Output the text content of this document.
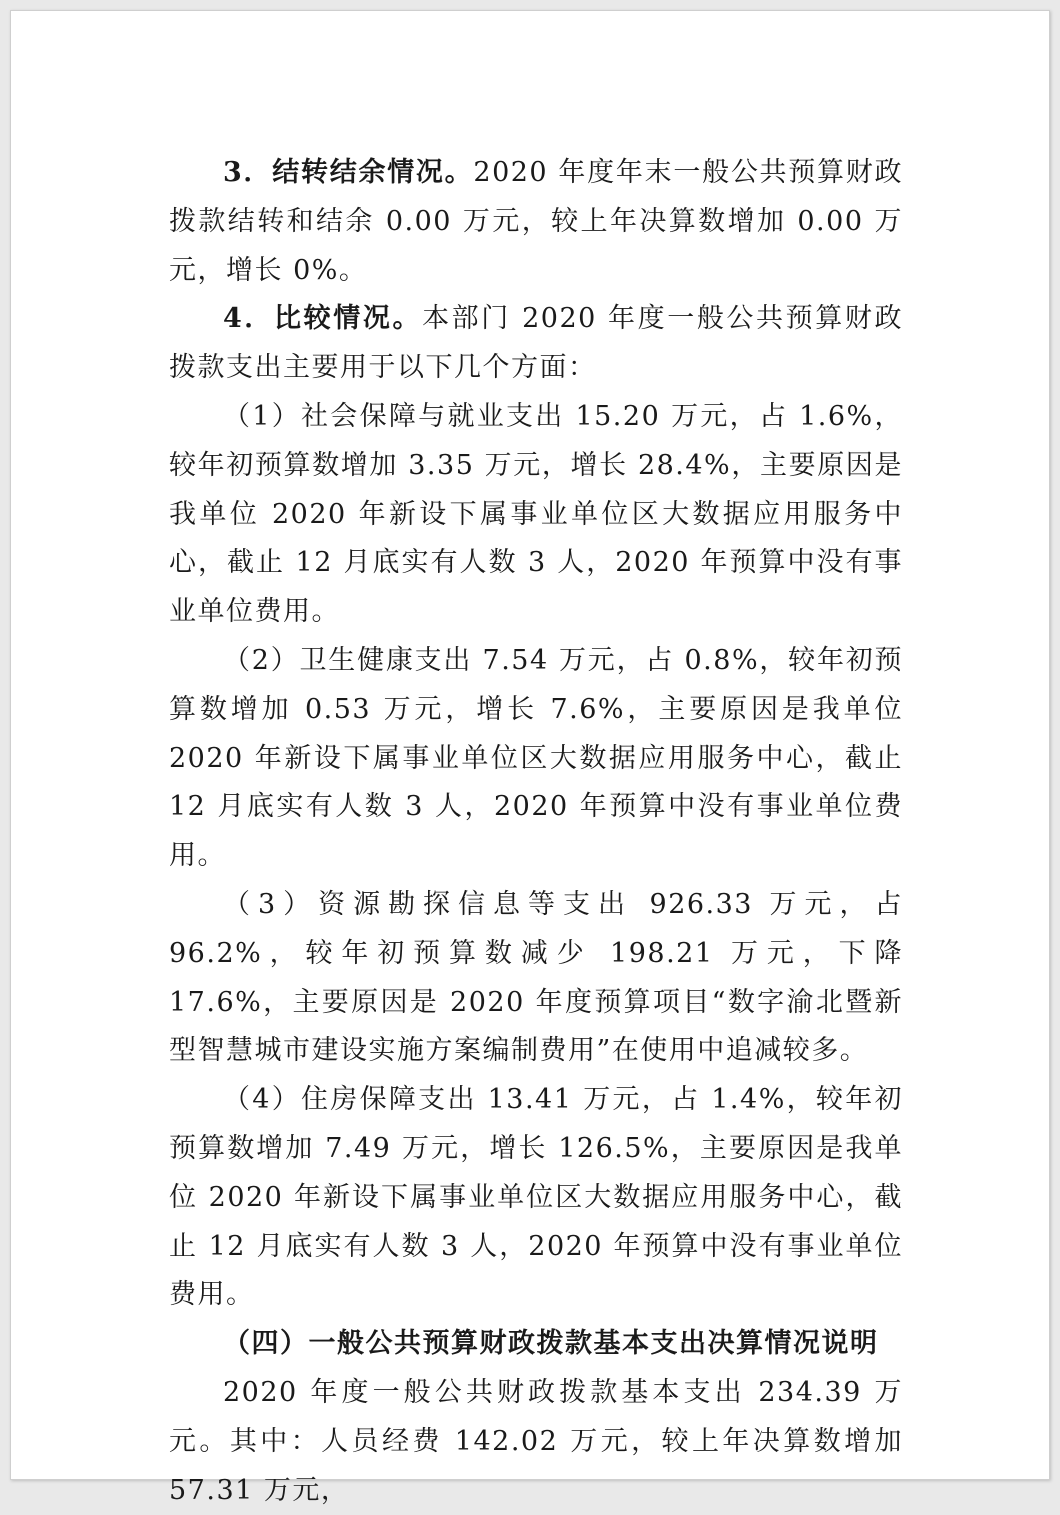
3．结转结余情况。2020 年度年末一般公共预算财政拨款结转和结余 0.00 万元，较上年决算数增加 0.00 万元，增长 0%。

4．比较情况。本部门 2020 年度一般公共预算财政拨款支出主要用于以下几个方面：

（1）社会保障与就业支出 15.20 万元，占 1.6%，较年初预算数增加 3.35 万元，增长 28.4%，主要原因是我单位 2020 年新设下属事业单位区大数据应用服务中心，截止 12 月底实有人数 3 人，2020 年预算中没有事业单位费用。

（2）卫生健康支出 7.54 万元，占 0.8%，较年初预算数增加 0.53 万元，增长 7.6%，主要原因是我单位 2020 年新设下属事业单位区大数据应用服务中心，截止 12 月底实有人数 3 人，2020 年预算中没有事业单位费用。

（3）资源勘探信息等支出 926.33 万元，占 96.2%，较年初预算数减少 198.21 万元，下降 17.6%，主要原因是 2020 年度预算项目“数字渝北暨新型智慧城市建设实施方案编制费用”在使用中追减较多。

（4）住房保障支出 13.41 万元，占 1.4%，较年初预算数增加 7.49 万元，增长 126.5%，主要原因是我单位 2020 年新设下属事业单位区大数据应用服务中心，截止 12 月底实有人数 3 人，2020 年预算中没有事业单位费用。

（四）一般公共预算财政拨款基本支出决算情况说明

2020 年度一般公共财政拨款基本支出 234.39 万元。其中：人员经费 142.02 万元，较上年决算数增加 57.31 万元，
